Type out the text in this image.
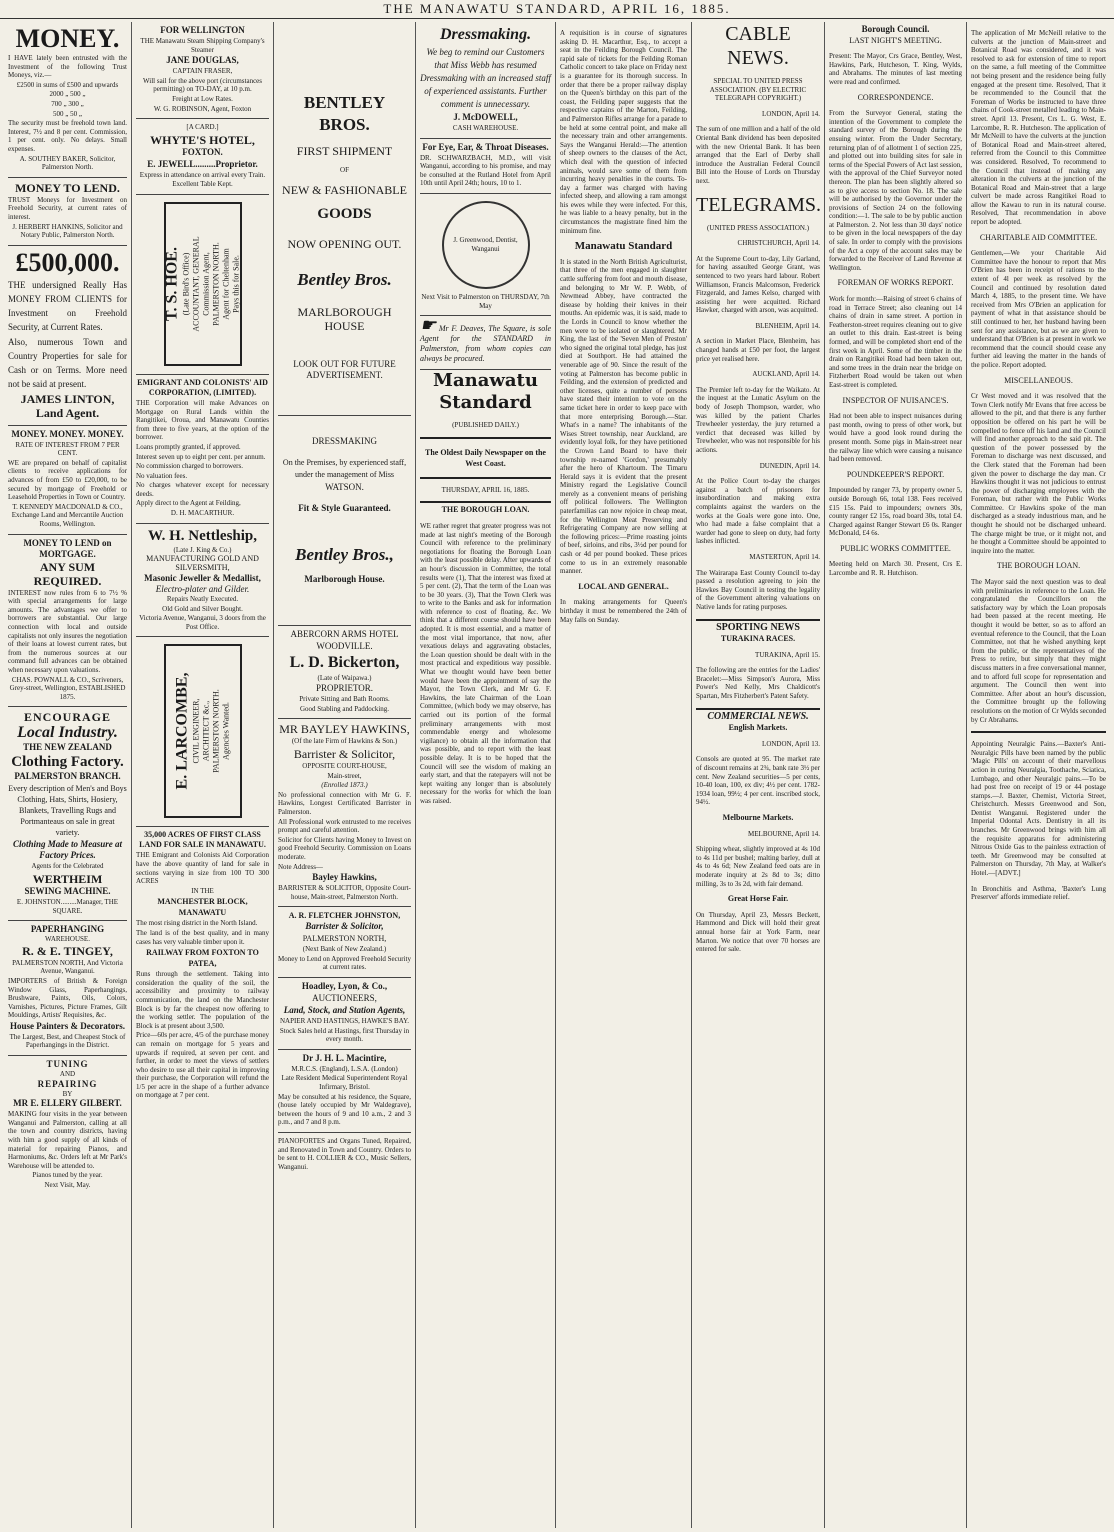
THE MANAWATU STANDARD, APRIL 16, 1885.
MONEY.

I HAVE lately been entrusted with the Investment of the following Trust Moneys, viz.—

£2500 in sums of £500 and upwards

2000 „ 500 „

700 „ 300 „

500 „ 50 „

The security must be freehold town land. Interest, 7½ and 8 per cent. Commission, 1 per cent. only. No delays. Small expenses.

A. SOUTHEY BAKER, Solicitor, Palmerston North.

MONEY TO LEND.

TRUST Moneys for Investment on Freehold Security, at current rates of interest.

J. HERBERT HANKINS, Solicitor and Notary Public, Palmerston North.

£500,000.

THE undersigned Really Has MONEY FROM CLIENTS for Investment on Freehold Security, at Current Rates.

Also, numerous Town and Country Properties for sale for Cash or on Terms. More need not be said at present.

JAMES LINTON, Land Agent.

MONEY. MONEY. MONEY.

RATE OF INTEREST FROM 7 PER CENT.

WE are prepared on behalf of capitalist clients to receive applications for advances of from £50 to £20,000, to be secured by mortgage of Freehold or Leasehold Properties in Town or Country.

T. KENNEDY MACDONALD & CO., Exchange Land and Mercantile Auction Rooms, Wellington.

MONEY TO LEND on MORTGAGE.
ANY SUM REQUIRED.

INTEREST now rules from 6 to 7½ % with special arrangements for large amounts. The advantages we offer to borrowers are substantial. Our large connection with local and outside capitalists not only insures the negotiation of their loans at lowest current rates, but from the numerous sources at our command full advances can be obtained when necessary upon valuations.

CHAS. POWNALL & CO., Scriveners, Grey-street, Wellington, ESTABLISHED 1875.

ENCOURAGE
Local Industry.
THE NEW ZEALAND
Clothing Factory.
PALMERSTON BRANCH.

Every description of Men's and Boys Clothing, Hats, Shirts, Hosiery, Blankets, Travelling Rugs and Portmanteaus on sale in great variety.

Clothing Made to Measure at Factory Prices.

Agents for the Celebrated

WERTHEIM
SEWING MACHINE.

E. JOHNSTON.........Manager, THE SQUARE.

PAPERHANGING
WAREHOUSE.
R. & E. TINGEY,

PALMERSTON NORTH, And Victoria Avenue, Wanganui.

IMPORTERS of British & Foreign Window Glass, Paperhangings, Brushware, Paints, Oils, Colors, Varnishes, Pictures, Picture Frames, Gilt Mouldings, Artists' Requisites, &c.

House Painters & Decorators.

The Largest, Best, and Cheapest Stock of Paperhangings in the District.

TUNING
AND
REPAIRING
BY
MR E. ELLERY GILBERT.

MAKING four visits in the year between Wanganui and Palmerston, calling at all the town and country districts, having with him a good supply of all kinds of material for repairing Pianos, and Harmoniums, &c. Orders left at Mr Park's Warehouse will be attended to.

Pianos tuned by the year.

Next Visit, May.

FOR WELLINGTON

THE Manawatu Steam Shipping Company's Steamer

JANE DOUGLAS,

CAPTAIN FRASER,

Will sail for the above port (circumstances permitting) on TO-DAY, at 10 p.m.

Freight at Low Rates.

W. G. ROBINSON, Agent, Foxton

[A CARD.]

WHYTE'S HOTEL,
FOXTON.

E. JEWELL.........Proprietor.

Express in attendance on arrival every Train.

Excellent Table Kept.

T. S. HOE. (Late Bird's Office) ACCOUNTANT, GENERAL Commission Agent, PALMERSTON NORTH. Agent for Cheltenham Pays this for Sale.
EMIGRANT AND COLONISTS' AID CORPORATION, (LIMITED).

THE Corporation will make Advances on Mortgage on Rural Lands within the Rangitikei, Oroua, and Manawatu Counties from three to five years, at the option of the borrower.

Loans promptly granted, if approved.

Interest seven up to eight per cent. per annum.

No commission charged to borrowers.

No valuation fees.

No charges whatever except for necessary deeds.

Apply direct to the Agent at Feilding,

D. H. MACARTHUR.

W. H. Nettleship,

(Late J. King & Co.)

MANUFACTURING GOLD AND SILVERSMITH,

Masonic Jeweller & Medallist,

Electro-plater and Gilder.

Repairs Neatly Executed.

Old Gold and Silver Bought.

Victoria Avenue, Wanganui, 3 doors from the Post Office.

E. LARCOMBE, CIVIL ENGINEER, ARCHITECT &c., PALMERSTON NORTH. Agencies Wanted.
35,000 ACRES OF FIRST CLASS LAND FOR SALE IN MANAWATU.

THE Emigrant and Colonists Aid Corporation have the above quantity of land for sale in sections varying in size from 100 TO 300 ACRES

IN THE

MANCHESTER BLOCK, MANAWATU

The most rising district in the North Island.

The land is of the best quality, and in many cases has very valuable timber upon it.

RAILWAY FROM FOXTON TO PATEA,

Runs through the settlement. Taking into consideration the quality of the soil, the accessibility and proximity to railway communication, the land on the Manchester Block is by far the cheapest now offering to the working settler. The population of the Block is at present about 3,500.

Price—60s per acre, 4/5 of the purchase money can remain on mortgage for 5 years and upwards if required, at seven per cent. and further, in order to meet the views of settlers who desire to use all their capital in improving their purchase, the Corporation will refund the 1/5 per acre in the shape of a further advance on mortgage at 7 per cent.

BENTLEY BROS.
FIRST SHIPMENT

OF

NEW & FASHIONABLE
GOODS
NOW OPENING OUT.
Bentley Bros.
MARLBOROUGH HOUSE
LOOK OUT FOR FUTURE ADVERTISEMENT.
DRESSMAKING

On the Premises, by experienced staff, under the management of Miss

WATSON.

Fit & Style Guaranteed.

Bentley Bros.,
Marlborough House.
ABERCORN ARMS HOTEL

WOODVILLE.

L. D. Bickerton,

(Late of Waipawa.)

PROPRIETOR.

Private Sitting and Bath Rooms.

Good Stabling and Paddocking.

MR BAYLEY HAWKINS,

(Of the late Firm of Hawkins & Son.)

Barrister & Solicitor,

OPPOSITE COURT-HOUSE,

Main-street,

(Enrolled 1873.)

No professional connection with Mr G. F. Hawkins, Longest Certificated Barrister in Palmerston.

All Professional work entrusted to me receives prompt and careful attention.

Solicitor for Clients having Money to Invest on good Freehold Security. Commission on Loans moderate.

Note Address—

Bayley Hawkins,

BARRISTER & SOLICITOR, Opposite Court-house, Main-street, Palmerston North.

A. R. FLETCHER JOHNSTON,
Barrister & Solicitor,

PALMERSTON NORTH,

(Next Bank of New Zealand.)

Money to Lend on Approved Freehold Security at current rates.

Hoadley, Lyon, & Co.,

AUCTIONEERS,

Land, Stock, and Station Agents,

NAPIER AND HASTINGS, HAWKE'S BAY.

Stock Sales held at Hastings, first Thursday in every month.

Dr J. H. L. Macintire,

M.R.C.S. (England), L.S.A. (London)

Late Resident Medical Superintendent Royal Infirmary, Bristol.

May be consulted at his residence, the Square, (house lately occupied by Mr Waldegrave), between the hours of 9 and 10 a.m., 2 and 3 p.m., and 7 and 8 p.m.

PIANOFORTES and Organs Tuned, Repaired, and Renovated in Town and Country. Orders to be sent to H. COLLIER & CO., Music Sellers, Wanganui.

Dressmaking.

We beg to remind our Customers that Miss Webb has resumed Dressmaking with an increased staff of experienced assistants. Further comment is unnecessary.

J. McDOWELL,

CASH WAREHOUSE.

For Eye, Ear, & Throat Diseases.

DR. SCHWARZBACH, M.D., will visit Wanganui, according to his promise, and may be consulted at the Rutland Hotel from April 10th until April 24th; hours, 10 to 1.

J. Greenwood, Dentist, Wanganui

Next Visit to Palmerston on THURSDAY, 7th May

☛ Mr F. Deaves, The Square, is sole Agent for the STANDARD in Palmerston, from whom copies can always be procured.

Manawatu Standard

(PUBLISHED DAILY.)

The Oldest Daily Newspaper on the West Coast.

THURSDAY, APRIL 16, 1885.

THE BOROUGH LOAN.

WE rather regret that greater progress was not made at last night's meeting of the Borough Council with reference to the preliminary negotiations for floating the Borough Loan with the least possible delay. After upwards of an hour's discussion in Committee, the total results were (1), That the interest was fixed at 5 per cent. (2), That the term of the Loan was to be 30 years. (3), That the Town Clerk was to write to the Banks and ask for information with reference to cost of floating, &c. We think that a different course should have been adopted. It is most essential, and a matter of the most vital importance, that now, after vexatious delays and aggravating obstacles, the Loan question should be dealt with in the most practical and expeditious way possible. What we thought would have been better would have been the appointment of say the Mayor, the Town Clerk, and Mr G. F. Hawkins, the late Chairman of the Loan Committee, (which body we may observe, has carried out its portion of the formal preliminary arrangements with most commendable energy and wholesome vigilance) to obtain all the information that was possible, and to report with the least possible delay. It is to be hoped that the Council will see the wisdom of making an early start, and that the ratepayers will not be kept waiting any longer than is absolutely necessary for the works for which the loan was raised.

A requisition is in course of signatures asking D. H. Macarthur, Esq., to accept a seat in the Feilding Borough Council. The rapid sale of tickets for the Feilding Roman Catholic concert to take place on Friday next is a guarantee for its thorough success. In order that there be a proper railway display on the Queen's birthday on this part of the coast, the Feilding paper suggests that the respective captains of the Marton, Feilding, and Palmerston Rifles arrange for a parade to be held at some central point, and make all the necessary train and other arrangements. Says the Wanganui Herald:—The attention of sheep owners to the clauses of the Act, which deal with the question of infected animals, would save some of them from incurring heavy penalties in the courts. To-day a farmer was charged with having infected sheep, and allowing a ram amongst his ewes while they were infected. For this, he was liable to a heavy penalty, but in the circumstances the magistrate fined him the minimum fine.

Manawatu Standard

It is stated in the North British Agriculturist, that three of the men engaged in slaughter cattle suffering from foot and mouth disease, and belonging to Mr W. P. Webb, of Newmead Abbey, have contracted the disease by holding their knives in their mouths. An epidemic was, it is said, made to the Lords in Council to know whether the men were to be isolated or slaughtered. Mr King, the last of the 'Seven Men of Preston' who signed the original total pledge, has just died at Southport. He had attained the venerable age of 90. Since the result of the voting at Palmerston has become public in Feilding, and the extension of predicted and other licenses, quite a number of persons have stated their intention to vote on the same ticket here in order to keep pace with that more enterprising Borough.—Star. What's in a name? The inhabitants of the Wises Street township, near Auckland, are evidently loyal folk, for they have petitioned the Crown Land Board to have their township re-named 'Gordon,' presumably after the hero of Khartoum. The Timaru Herald says it is evident that the present Ministry regard the Legislative Council merely as a convenient means of perishing off political followers. The Wellington paterfamilias can now rejoice in cheap meat, for the Wellington Meat Preserving and Refrigerating Company are now selling at the following prices:—Prime roasting joints of beef, sirloins, and ribs, 3½d per pound for cash or 4d per pound booked. These prices come to us in an extremely reasonable manner.

LOCAL AND GENERAL.

In making arrangements for Queen's birthday it must be remembered the 24th of May falls on Sunday.

CABLE NEWS.

SPECIAL TO UNITED PRESS ASSOCIATION. (BY ELECTRIC TELEGRAPH COPYRIGHT.)

LONDON, April 14.

The sum of one million and a half of the old Oriental Bank dividend has been deposited with the new Oriental Bank. It has been arranged that the Earl of Derby shall introduce the Australian Federal Council Bill into the House of Lords on Thursday next.

TELEGRAMS.

(UNITED PRESS ASSOCIATION.)

CHRISTCHURCH, April 14.

At the Supreme Court to-day, Lily Garland, for having assaulted George Grant, was sentenced to two years hard labour. Robert Williamson, Francis Malcomson, Frederick Fitzgerald, and James Kelso, charged with assisting her were acquitted. Richard Hawker, charged with arson, was acquitted.

BLENHEIM, April 14.

A section in Market Place, Blenheim, has changed hands at £50 per foot, the largest price yet realised here.

AUCKLAND, April 14.

The Premier left to-day for the Waikato. At the inquest at the Lunatic Asylum on the body of Joseph Thompson, warder, who was killed by the patient Charles Trewheeler yesterday, the jury returned a verdict that deceased was killed by Trewheeler, who was not responsible for his actions.

DUNEDIN, April 14.

At the Police Court to-day the charges against a batch of prisoners for insubordination and making extra complaints against the warders on the works at the Goals were gone into. One, who had made a false complaint that a warder had gone to sleep on duty, had forty lashes inflicted.

MASTERTON, April 14.

The Wairarapa East County Council to-day passed a resolution agreeing to join the Hawkes Bay Council in testing the legality of the Government altering valuations on Native lands for rating purposes.

SPORTING NEWS

TURAKINA RACES.

TURAKINA, April 15.

The following are the entries for the Ladies' Bracelet:—Miss Simpson's Aurora, Miss Power's Ned Kelly, Mrs Chaldicott's Spartan, Mrs Fitzherbert's Patent Safety.

COMMERCIAL NEWS.

English Markets.

LONDON, April 13.

Consols are quoted at 95. The market rate of discount remains at 2¾, bank rate 3½ per cent. New Zealand securities—5 per cents, 10-40 loan, 100, ex div; 4½ per cent. 1782-1934 loan, 99½; 4 per cent. inscribed stock, 94½.

Melbourne Markets.

MELBOURNE, April 14.

Shipping wheat, slightly improved at 4s 10d to 4s 11d per bushel; malting barley, dull at 4s to 4s 6d; New Zealand feed oats are in moderate inquiry at 2s 8d to 3s; ditto milling, 3s to 3s 2d, with fair demand.

Great Horse Fair.

On Thursday, April 23, Messrs Beckett, Hammond and Dick will hold their great annual horse fair at York Farm, near Marton. We notice that over 70 horses are entered for sale.

Borough Council.

LAST NIGHT'S MEETING.

Present: The Mayor, Crs Grace, Bentley, West, Hawkins, Park, Hutcheson, T. King, Wylds, and Abrahams. The minutes of last meeting were read and confirmed.

CORRESPONDENCE.

From the Surveyor General, stating the intention of the Government to complete the standard survey of the Borough during the ensuing winter. From the Under Secretary, returning plan of of allotment 1 of section 225, and plotted out into building sites for sale in terms of the Special Powers of Act last session, with the approval of the Chief Surveyor noted thereon. The plan has been slightly altered so as to give access to section No. 18. The sale will be authorised by the Governor under the provisions of Section 24 on the following condition:—1. The sale to be by public auction at Palmerston. 2. Not less than 30 days' notice to be given in the local newspapers of the day of sale. In order to comply with the provisions of the Act a copy of the account sales may be forwarded to the Receiver of Land Revenue at Wellington.

FOREMAN OF WORKS REPORT.

Work for month:—Raising of street 6 chains of road in Terrace Street; also cleaning out 14 chains of drain in same street. A portion in Featherston-street requires cleaning out to give an outlet to this drain. East-street is being formed, and will be completed short end of the first week in April. Some of the timber in the drain on Rangitikei Road had been taken out, and some trees in the drain near the bridge on Fitzherbert Road would be taken out when East-street is completed.

INSPECTOR OF NUISANCE'S.

Had not been able to inspect nuisances during past month, owing to press of other work, but would have a good look round during the present month. Some pigs in Main-street near the railway line which were causing a nuisance had been removed.

POUNDKEEPER'S REPORT.

Impounded by ranger 73, by property owner 5, outside Borough 66, total 138. Fees received £15 15s. Paid to impounders; owners 30s, county ranger £2 15s, road board 30s, total £4. Charged against Ranger Stewart £6 0s. Ranger McDonald, £4 6s.

PUBLIC WORKS COMMITTEE.

Meeting held on March 30. Present, Crs E. Larcombe and R. R. Hutchison.

The application of Mr McNeill relative to the culverts at the junction of Main-street and Botanical Road was considered, and it was resolved to ask for extension of time to report on the same, a full meeting of the Committee not being present and the residence being fully engaged at the present time. Resolved, That it be recommended to the Council that the Foreman of Works be instructed to have three chains of Cook-street metalled leading to Main-street. April 13. Present, Crs L. G. West, E. Larcombe, R. R. Hutcheson. The application of Mr McNeill to have the culverts at the junction of Botanical Road and Main-street altered, referred from the Council to this Committee was considered. Resolved, To recommend to the Council that instead of making any alteration in the culverts at the junction of the Botanical Road and Main-street that a large culvert be made across Rangitikei Road to allow the Kawau to run in its natural course. Resolved, That recommendation in above report be adopted.

CHARITABLE AID COMMITTEE.

Gentlemen,—We your Charitable Aid Committee have the honour to report that Mrs O'Brien has been in receipt of rations to the extent of 4l per week as resolved by the Council and continued by resolution dated March 4, 1885, to the present time. We have received from Mrs O'Brien an application for payment of what in that assistance should be still continued to her, her husband having been sent for any assistance, but as we are given to understand that O'Brien is at present in work we recommend that the council should cease any further aid leaving the matter in the hands of the police. Report adopted.

MISCELLANEOUS.

Cr West moved and it was resolved that the Town Clerk notify Mr Evans that free access be allowed to the pit, and that there is any further opposition be offered on his part he will be compelled to fence off his land and the Council will find another approach to the said pit. The question of the power possessed by the Foreman to discharge was next discussed, and the Clerk stated that the Foreman had been given the power to discharge the day man. Cr Hawkins thought it was not judicious to entrust the power of discharging employees with the Foreman, but rather with the Public Works Committee. Cr Hawkins spoke of the man discharged as a steady industrious man, and he thought he should not be discharged unheard. The charge might be true, or it might not, and he thought a Committee should be appointed to inquire into the matter.

THE BOROUGH LOAN.

The Mayor said the next question was to deal with preliminaries in reference to the Loan. He congratulated the Councillors on the satisfactory way by which the Loan proposals had been passed at the recent meeting. He thought it would be better, so as to afford an eventual reference to the Council, that the Loan Committee, not that he wished anything kept from the public, or the representatives of the Press to retire, but simply that they might discuss matters in a free conversational manner, and to afford full scope for representation and argument. The Council then went into Committee. After about an hour's discussion, the Committee brought up the following resolutions on the motion of Cr Wylds seconded by Cr Abrahams.

Appointing Neuralgic Pains.—Baxter's Anti-Neuralgic Pills have been named by the public 'Magic Pills' on account of their marvellous action in curing Neuralgia, Toothache, Sciatica, Lumbago, and other Neuralgic pains.—To be had post free on receipt of 19 or 44 postage stamps.—J. Baxter, Chemist, Victoria Street, Christchurch. Messrs Greenwood and Son, Dentist Wanganui. Registered under the Imperial Odontal Acts. Dentistry in all its branches. Mr Greenwood brings with him all the requisite apparatus for administering Nitrous Oxide Gas to the painless extraction of teeth. Mr Greenwood may be consulted at Palmerston on Thursday, 7th May, at Walker's Hotel.—[ADVT.]

In Bronchitis and Asthma, 'Baxter's Lung Preserver' affords immediate relief.
